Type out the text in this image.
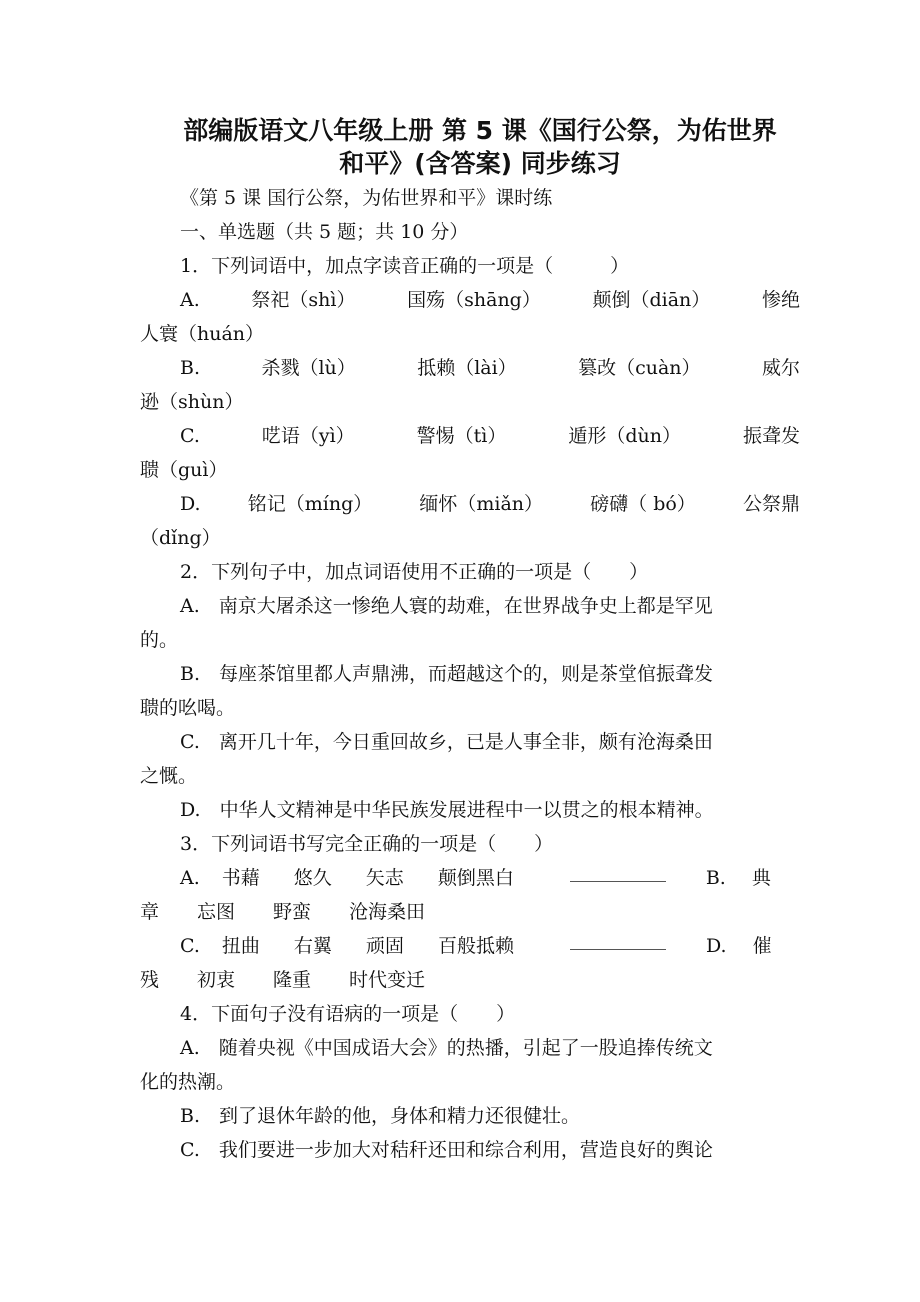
部编版语文八年级上册 第 5 课《国行公祭，为佑世界
和平》(含答案) 同步练习

《第 5 课 国行公祭，为佑世界和平》课时练

一、单选题（共 5 题；共 10 分）

1．下列词语中，加点字读音正确的一项是（　　　）

A.	祭祀（shì）	国殇（shāng）	颠倒（diān）	惨绝

人寰（huán）

B.	杀戮（lù）	抵赖（lài）	篡改（cuàn）	威尔

逊（shùn）

C.	呓语（yì）	警惕（tì）	遁形（dùn）	振聋发

聩（guì）

D. 铭记（míng） 缅怀（miǎn） 磅礴（ bó） 公祭鼎

（dǐng）

2．下列句子中，加点词语使用不正确的一项是（　　）

A.　南京大屠杀这一惨绝人寰的劫难，在世界战争史上都是罕见

的。

B.　每座茶馆里都人声鼎沸，而超越这个的，则是茶堂倌振聋发

聩的吆喝。

C.　离开几十年，今日重回故乡，已是人事全非，颇有沧海桑田

之慨。

D.　中华人文精神是中华民族发展进程中一以贯之的根本精神。

3．下列词语书写完全正确的一项是（　　）

A. 书藉 悠久 矢志 颠倒黑白	B. 典

章　　忘图　　野蛮　　沧海桑田

C. 扭曲 右翼 顽固 百般抵赖	D. 催

残　　初衷　　隆重　　时代变迁

4．下面句子没有语病的一项是（　　）

A.　随着央视《中国成语大会》的热播，引起了一股追捧传统文

化的热潮。

B.　到了退休年龄的他，身体和精力还很健壮。

C.　我们要进一步加大对秸秆还田和综合利用，营造良好的舆论
